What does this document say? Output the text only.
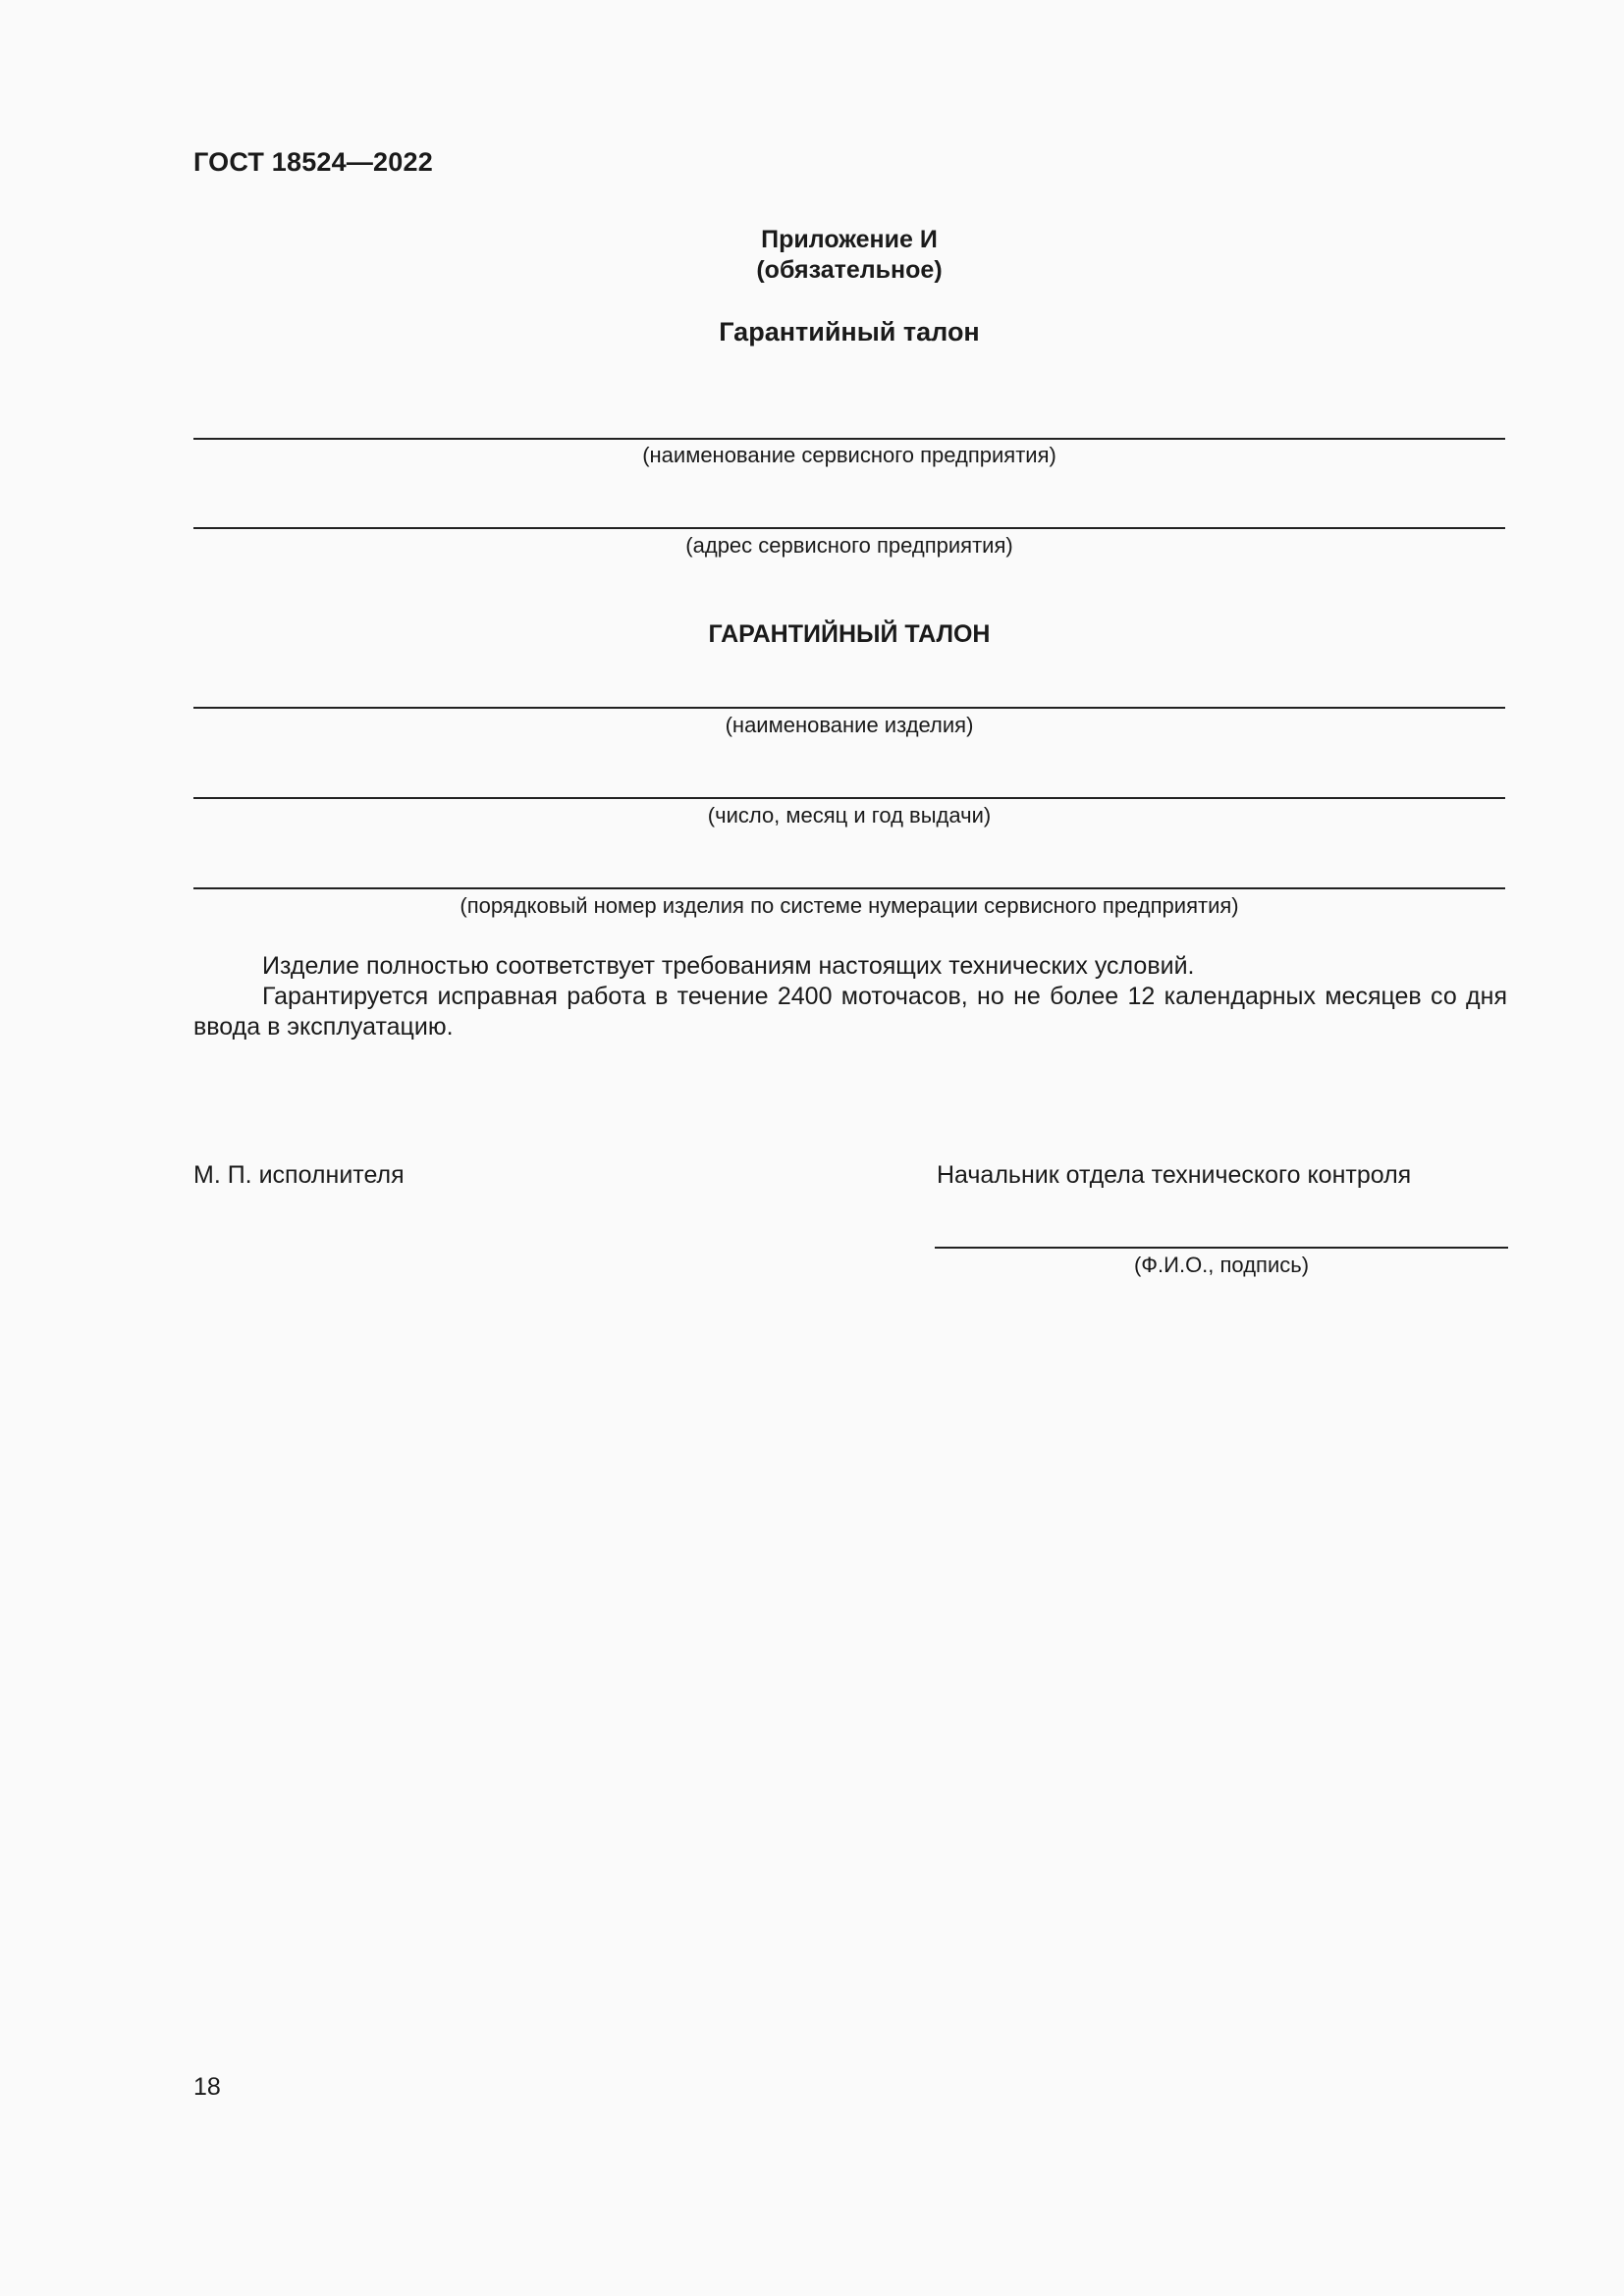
ГОСТ 18524—2022
Приложение И
(обязательное)
Гарантийный талон
(наименование сервисного предприятия)
(адрес сервисного предприятия)
ГАРАНТИЙНЫЙ ТАЛОН
(наименование изделия)
(число, месяц и год выдачи)
(порядковый номер изделия по системе нумерации сервисного предприятия)
Изделие полностью соответствует требованиям настоящих технических условий.
Гарантируется исправная работа в течение 2400 моточасов, но не более 12 календарных месяцев со дня ввода в эксплуатацию.
М. П. исполнителя	Начальник отдела технического контроля
(Ф.И.О., подпись)
18
